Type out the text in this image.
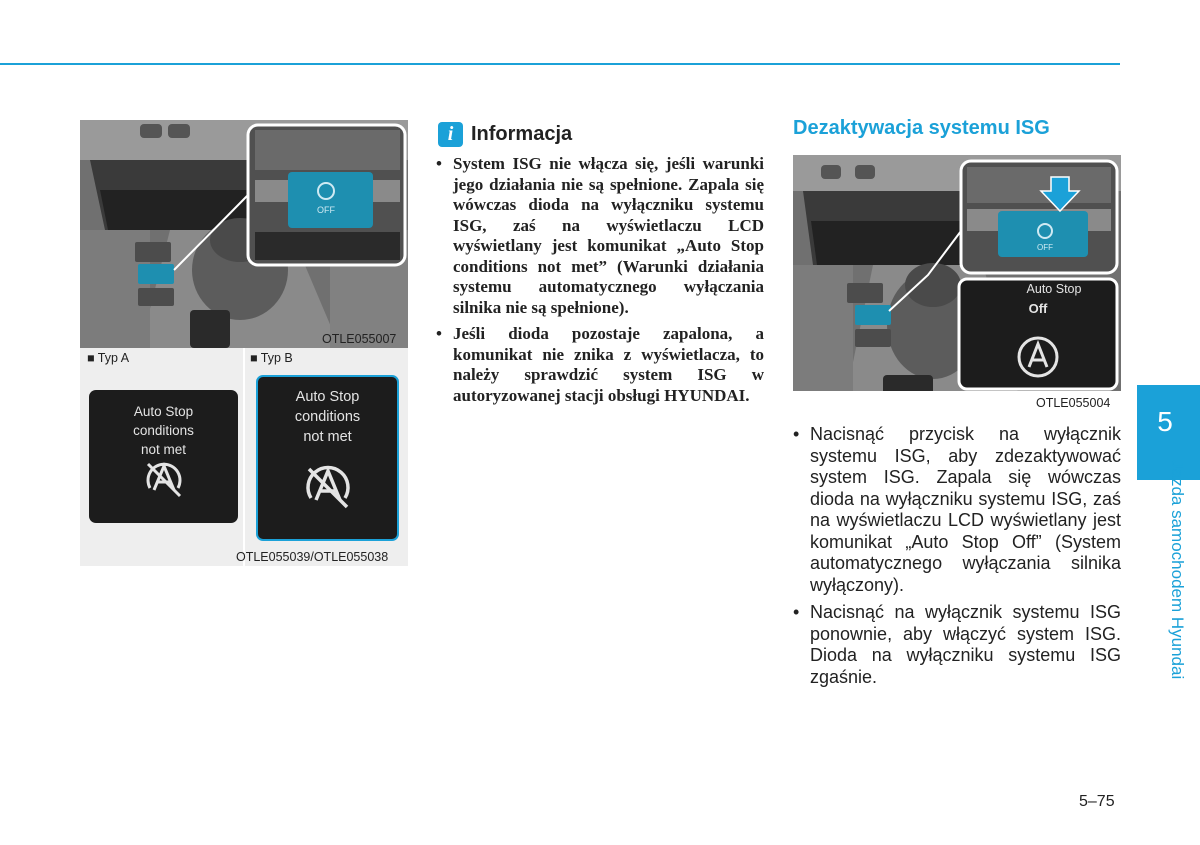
OFF
OTLE055007
■ Typ A	■ Typ B
Auto Stop
conditions
not met
Auto Stop
conditions
not met
OTLE055039/OTLE055038
i Informacja
• System ISG nie włącza się, jeśli warunki jego działania nie są spełnione. Zapala się wówczas dioda na wyłączniku systemu ISG, zaś na wyświetlaczu LCD wyświetlany jest komunikat „Auto Stop conditions not met” (Warunki działania systemu automatycznego wyłączania silnika nie są spełnione).
• Jeśli dioda pozostaje zapalona, a komunikat nie znika z wyświetlacza, to należy sprawdzić system ISG w autoryzowanej stacji obsługi HYUNDAI.
Dezaktywacja systemu ISG
OFF
Auto Stop
Off
OTLE055004
• Nacisnąć przycisk na wyłącznik systemu ISG, aby zdezaktywować system ISG. Zapala się wówczas dioda na wyłączniku systemu ISG, zaś na wyświetlaczu LCD wyświetlany jest komunikat „Auto Stop Off” (System automatycznego wyłączania silnika wyłączony).
• Nacisnąć na wyłącznik systemu ISG ponownie, aby włączyć system ISG. Dioda na wyłączniku systemu ISG zgaśnie.
5
Jazda samochodem Hyundai
5–75
